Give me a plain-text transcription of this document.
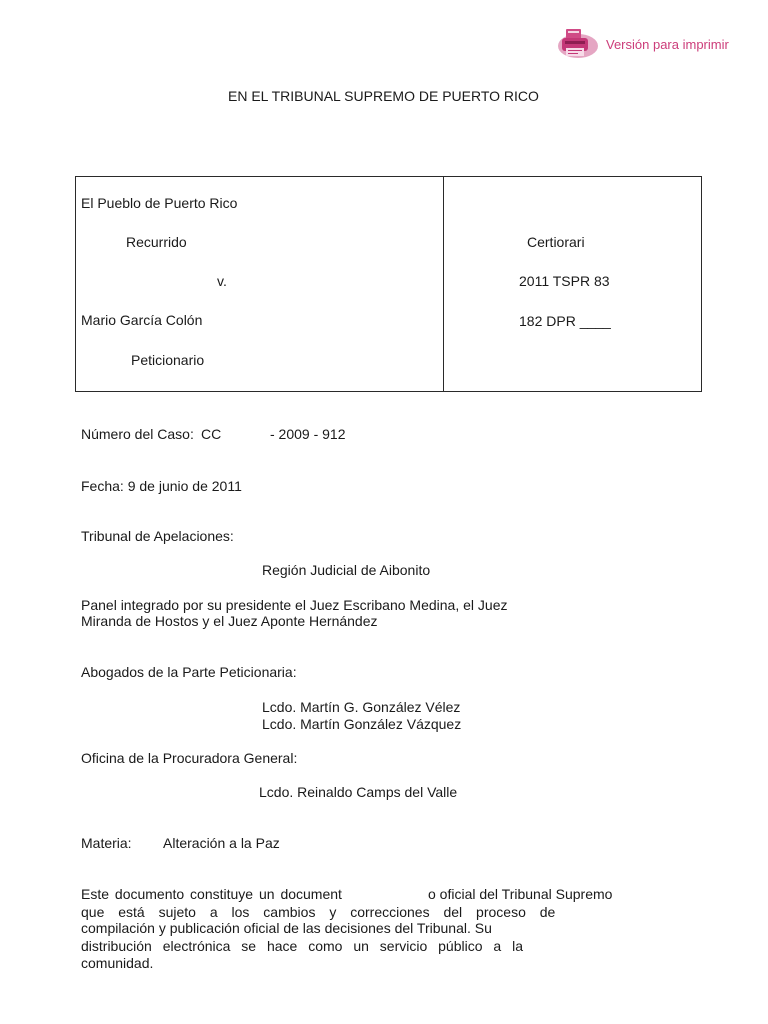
Versión para imprimir
EN EL TRIBUNAL SUPREMO DE PUERTO RICO
El Pueblo de Puerto Rico
Recurrido
v.
Mario García Colón
Peticionario
Certiorari
2011 TSPR 83
182 DPR ____
Número del Caso: CC	- 2009 - 912
Fecha: 9 de junio de 2011
Tribunal de Apelaciones:
Región Judicial de Aibonito
Panel integrado por su presidente el Juez Escribano Medina, el Juez
Miranda de Hostos y el Juez Aponte Hernández
Abogados de la Parte Peticionaria:
Lcdo. Martín G. González Vélez
Lcdo. Martín González Vázquez
Oficina de la Procuradora General:
Lcdo. Reinaldo Camps del Valle
Materia: Alteración a la Paz
Este documento constituye un document	o oficial del Tribunal Supremo
que está sujeto a los cambios y correcciones del proceso de
compilación y publicación oficial de las decisiones del Tribunal. Su
distribución electrónica se hace como un servicio público a la
comunidad.
